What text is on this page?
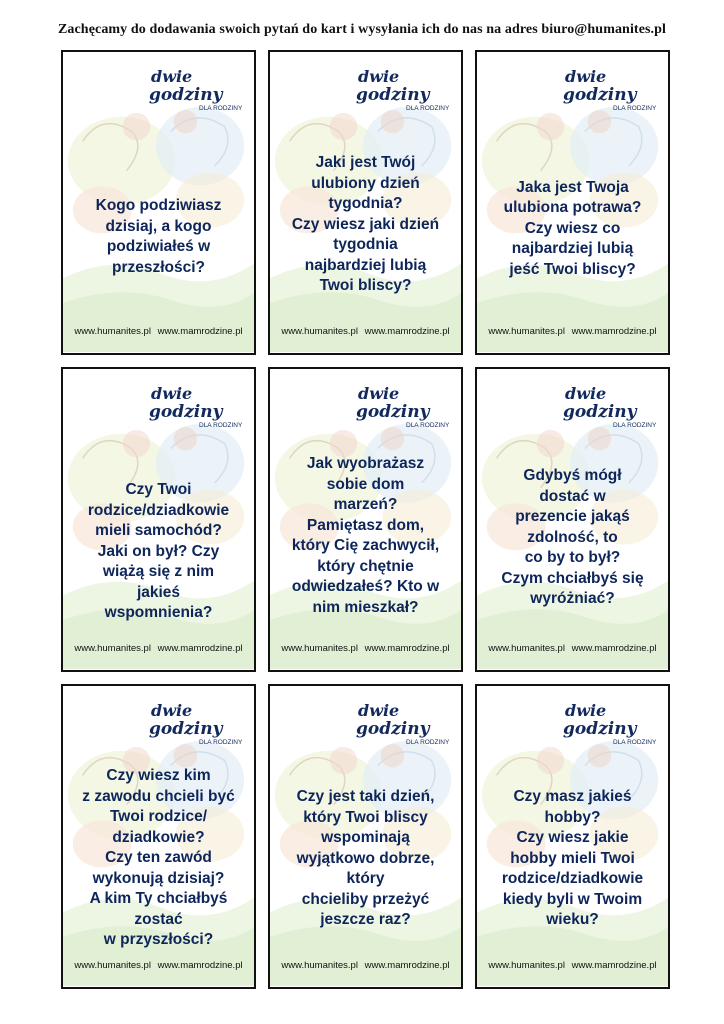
Zachęcamy do dodawania swoich pytań do kart i wysyłania ich do nas na adres biuro@humanites.pl
dwie
godziny
DLA RODZINY
Kogo podziwiasz
dzisiaj, a kogo
podziwiałeś w
przeszłości?
www.humanites.pl www.mamrodzine.pl
dwie
godziny
DLA RODZINY
Jaki jest Twój
ulubiony dzień
tygodnia?
Czy wiesz jaki dzień
tygodnia
najbardziej lubią
Twoi bliscy?
www.humanites.pl www.mamrodzine.pl
dwie
godziny
DLA RODZINY
Jaka jest Twoja
ulubiona potrawa?
Czy wiesz co
najbardziej lubią
jeść Twoi bliscy?
www.humanites.pl www.mamrodzine.pl
dwie
godziny
DLA RODZINY
Czy Twoi
rodzice/dziadkowie
mieli samochód?
Jaki on był? Czy
wiążą się z nim
jakieś
wspomnienia?
www.humanites.pl www.mamrodzine.pl
dwie
godziny
DLA RODZINY
Jak wyobrażasz
sobie dom
marzeń?
Pamiętasz dom,
który Cię zachwycił,
który chętnie
odwiedzałeś? Kto w
nim mieszkał?
www.humanites.pl www.mamrodzine.pl
dwie
godziny
DLA RODZINY
Gdybyś mógł
dostać w
prezencie jakąś
zdolność, to
co by to był?
Czym chciałbyś się
wyróżniać?
www.humanites.pl www.mamrodzine.pl
dwie
godziny
DLA RODZINY
Czy wiesz kim
z zawodu chcieli być
Twoi rodzice/
dziadkowie?
Czy ten zawód
wykonują dzisiaj?
A kim Ty chciałbyś
zostać
w przyszłości?
www.humanites.pl www.mamrodzine.pl
dwie
godziny
DLA RODZINY
Czy jest taki dzień,
który Twoi bliscy
wspominają
wyjątkowo dobrze,
który
chcieliby przeżyć
jeszcze raz?
www.humanites.pl www.mamrodzine.pl
dwie
godziny
DLA RODZINY
Czy masz jakieś
hobby?
Czy wiesz jakie
hobby mieli Twoi
rodzice/dziadkowie
kiedy byli w Twoim
wieku?
www.humanites.pl www.mamrodzine.pl
